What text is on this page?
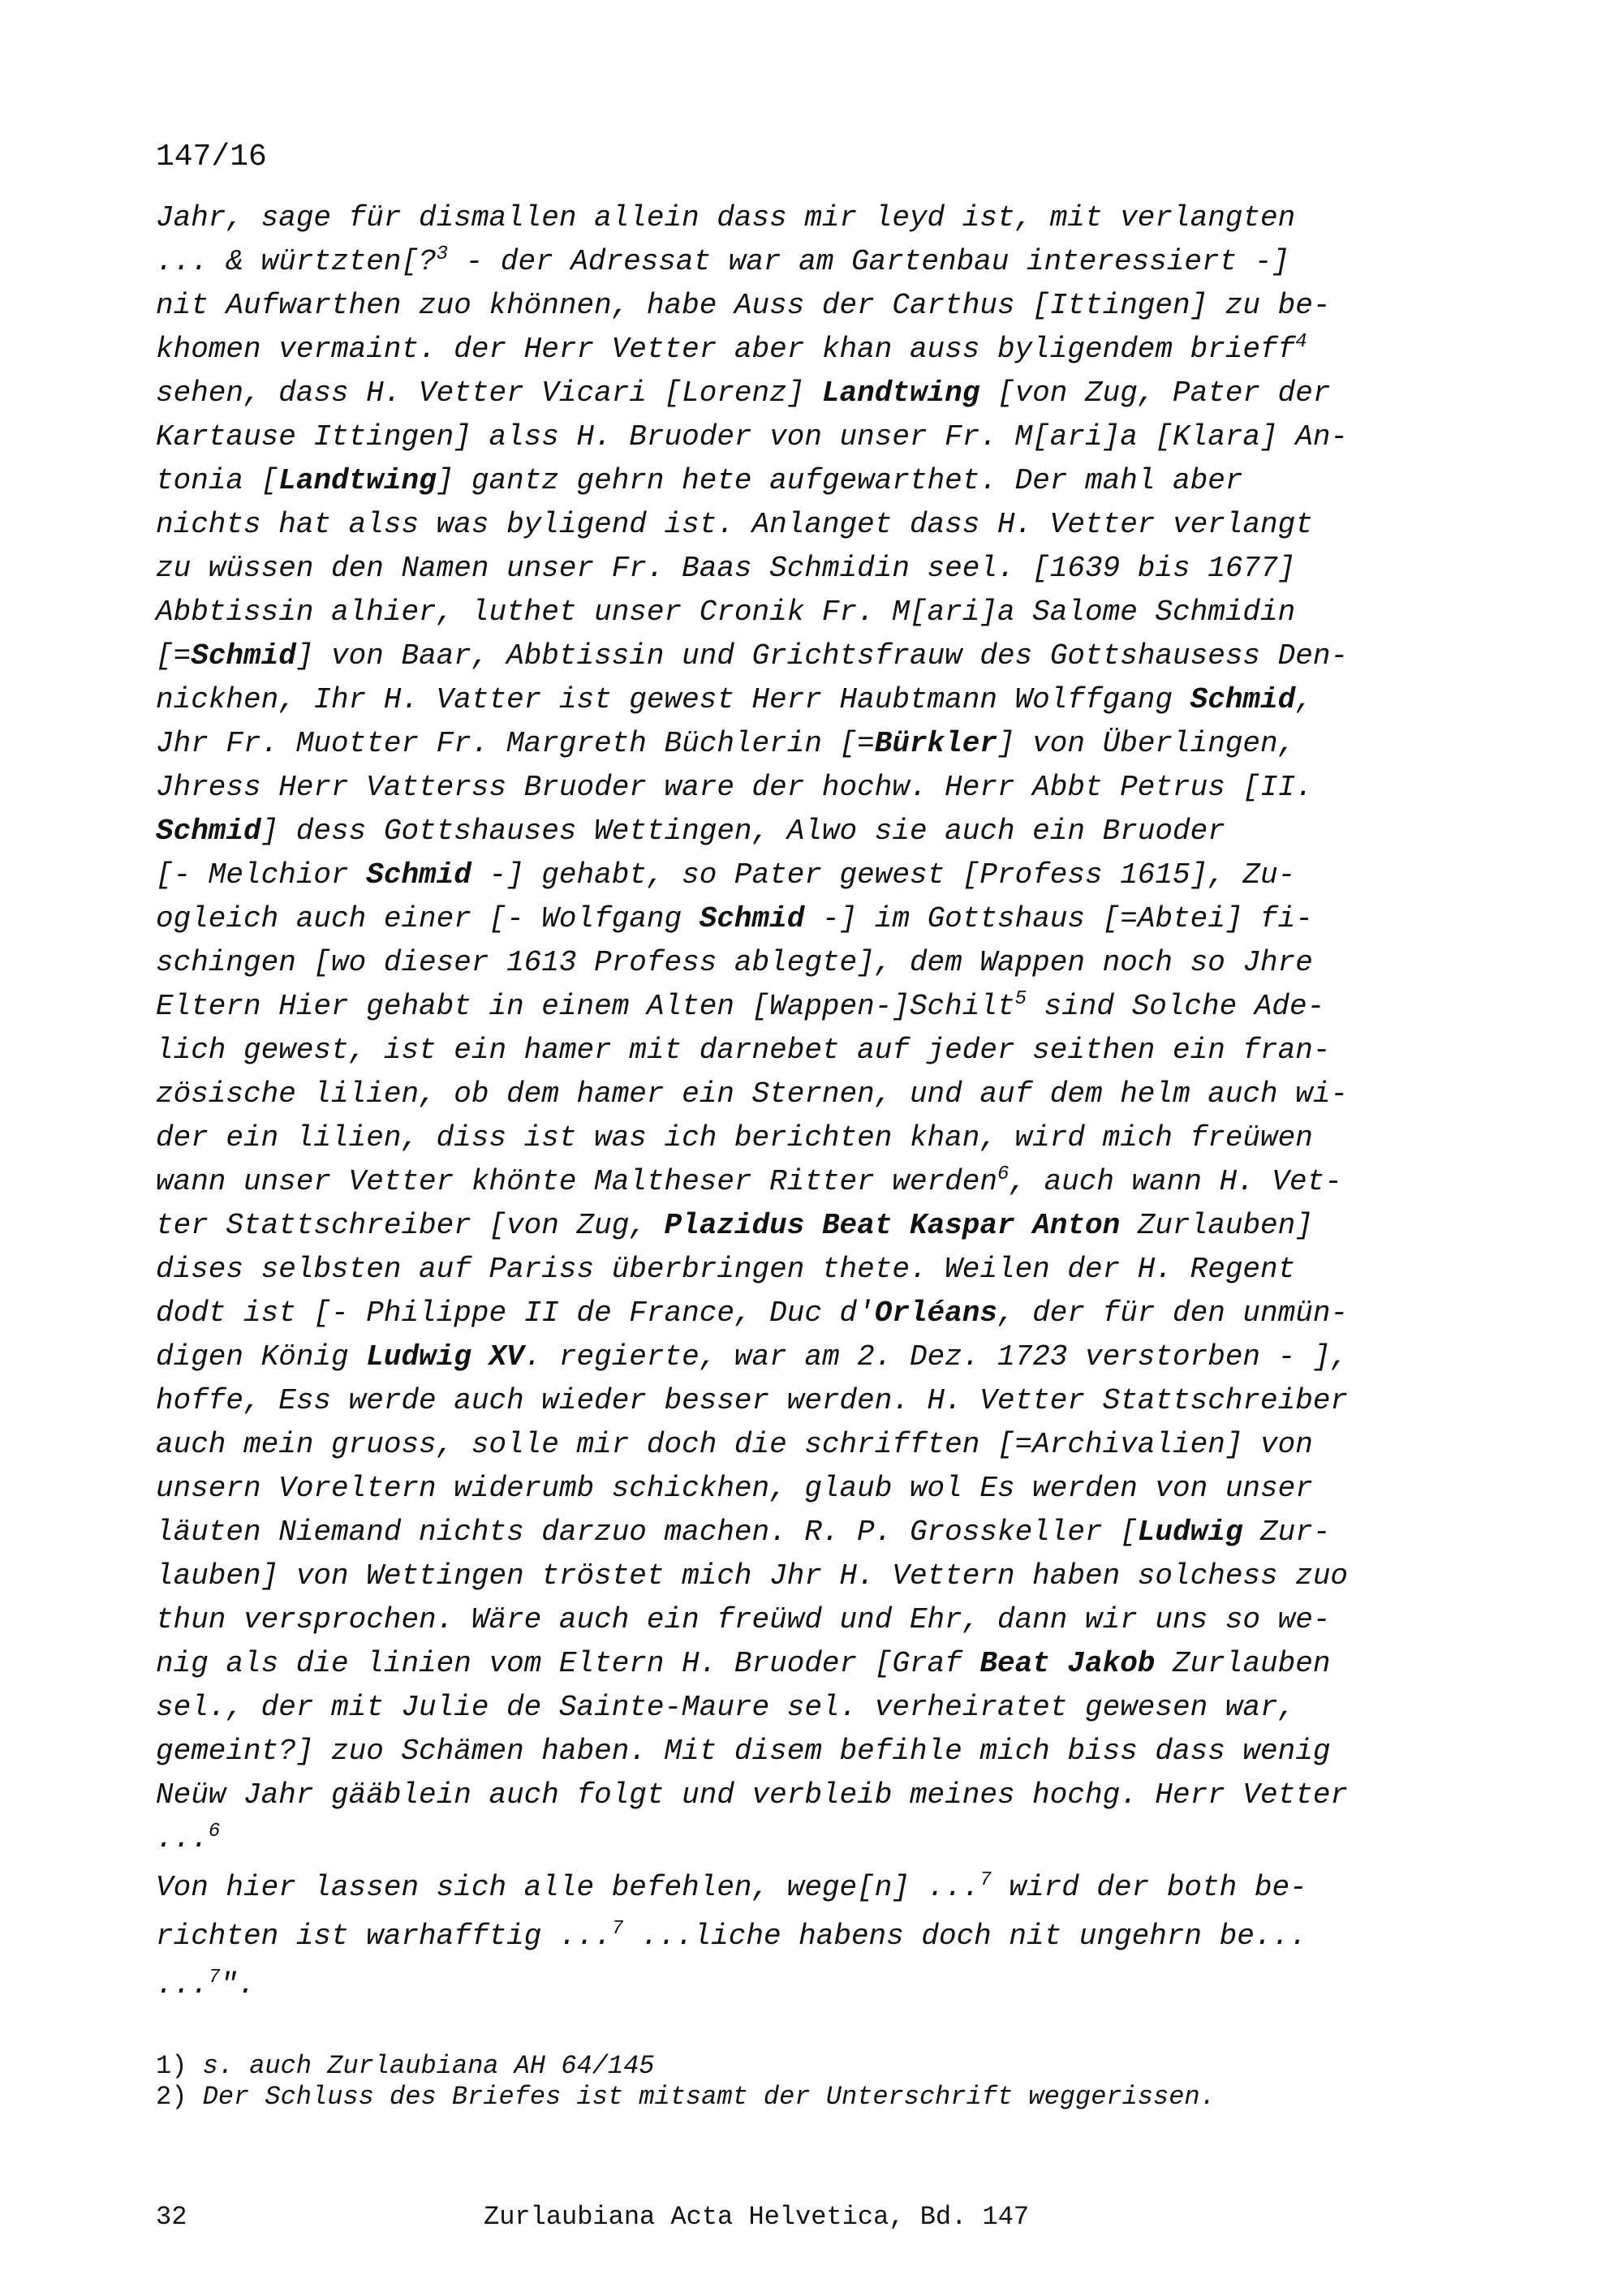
147/16
Jahr, sage für dismallen allein dass mir leyd ist, mit verlangten
... & würtzten[?$^3$ - der Adressat war am Gartenbau interessiert -]
nit Aufwarthen zuo khönnen, habe Auss der Carthus [Ittingen] zu be-
khomen vermaint. der Herr Vetter aber khan auss byligendem brieff$^4$
sehen, dass H. Vetter Vicari [Lorenz] Landtwing [von Zug, Pater der
Kartause Ittingen] alss H. Bruoder von unser Fr. M[ari]a [Klara] An-
tonia [Landtwing] gantz gehrn hete aufgewarthet. Der mahl aber
nichts hat alss was byligend ist. Anlanget dass H. Vetter verlangt
zu wüssen den Namen unser Fr. Baas Schmidin seel. [1639 bis 1677]
Abbtissin alhier, luthet unser Cronik Fr. M[ari]a Salome Schmidin
[=Schmid] von Baar, Abbtissin und Grichtsfrauw des Gottshausess Den-
nickhen, Ihr H. Vatter ist gewest Herr Haubtmann Wolffgang Schmid,
Jhr Fr. Muotter Fr. Margreth Büchlerin [=Bürkler] von Überlingen,
Jhress Herr Vatterss Bruoder ware der hochw. Herr Abbt Petrus [II.
Schmid] dess Gottshauses Wettingen, Alwo sie auch ein Bruoder
[- Melchior Schmid -] gehabt, so Pater gewest [Profess 1615], Zu-
ogleich auch einer [- Wolfgang Schmid -] im Gottshaus [=Abtei] fi-
schingen [wo dieser 1613 Profess ablegte], dem Wappen noch so Jhre
Eltern Hier gehabt in einem Alten [Wappen-]Schilt$^5$ sind Solche Ade-
lich gewest, ist ein hamer mit darnebet auf jeder seithen ein fran-
zösische lilien, ob dem hamer ein Sternen, und auf dem helm auch wi-
der ein lilien, diss ist was ich berichten khan, wird mich freüwen
wann unser Vetter khönte Maltheser Ritter werden$^6$, auch wann H. Vet-
ter Stattschreiber [von Zug, Plazidus Beat Kaspar Anton Zurlauben]
dises selbsten auf Pariss überbringen thete. Weilen der H. Regent
dodt ist [- Philippe II de France, Duc d'Orléans, der für den unmün-
digen König Ludwig XV. regierte, war am 2. Dez. 1723 verstorben - ],
hoffe, Ess werde auch wieder besser werden. H. Vetter Stattschreiber
auch mein gruoss, solle mir doch die schrifften [=Archivalien] von
unsern Voreltern widerumb schickhen, glaub wol Es werden von unser
läuten Niemand nichts darzuo machen. R. P. Grosskeller [Ludwig Zur-
lauben] von Wettingen tröstet mich Jhr H. Vettern haben solchess zuo
thun versprochen. Wäre auch ein freüwd und Ehr, dann wir uns so we-
nig als die linien vom Eltern H. Bruoder [Graf Beat Jakob Zurlauben
sel., der mit Julie de Sainte-Maure sel. verheiratet gewesen war,
gemeint?] zuo Schämen haben. Mit disem befihle mich biss dass wenig
Neüw Jahr gääblein auch folgt und verbleib meines hochg. Herr Vetter
...$^6$
Von hier lassen sich alle befehlen, wege[n] ...$^7$ wird der both be-
richten ist warhafftig ...$^7$ ...liche habens doch nit ungehrn be...
...$^7$".
1) s. auch Zurlaubiana AH 64/145
2) Der Schluss des Briefes ist mitsamt der Unterschrift weggerissen.
32	Zurlaubiana Acta Helvetica, Bd. 147
